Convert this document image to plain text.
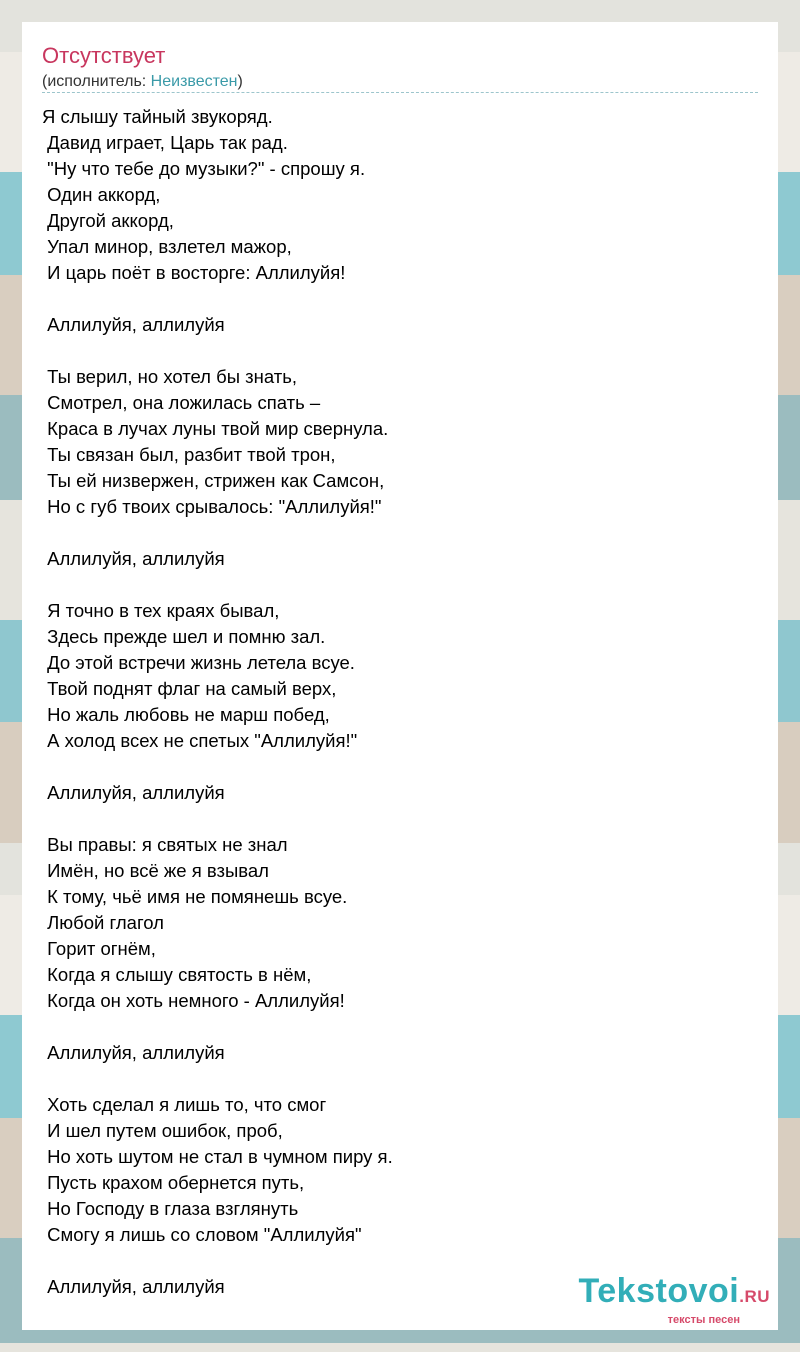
Отсутствует
(исполнитель: Неизвестен)
Я слышу тайный звукоряд.
Давид играет, Царь так рад.
"Ну что тебе до музыки?" - спрошу я.
Один аккорд,
Другой аккорд,
Упал минор, взлетел мажор,
И царь поёт в восторге: Аллилуйя!
Аллилуйя, аллилуйя
Ты верил, но хотел бы знать,
Смотрел, она ложилась спать –
Краса в лучах луны твой мир свернула.
Ты связан был, разбит твой трон,
Ты ей низвержен, стрижен как Самсон,
Но с губ твоих срывалось: "Аллилуйя!"
Аллилуйя, аллилуйя
Я точно в тех краях бывал,
Здесь прежде шел и помню зал.
До этой встречи жизнь летела всуе.
Твой поднят флаг на самый верх,
Но жаль любовь не марш побед,
А холод всех не спетых "Аллилуйя!"
Аллилуйя, аллилуйя
Вы правы: я святых не знал
Имён, но всё же я взывал
К тому, чьё имя не помянешь всуе.
Любой глагол
Горит огнём,
Когда я слышу святость в нём,
Когда он хоть немного - Аллилуйя!
Аллилуйя, аллилуйя
Хоть сделал я лишь то, что смог
И шел путем ошибок, проб,
Но хоть шутом не стал в чумном пиру я.
Пусть крахом обернется путь,
Но Господу в глаза взглянуть
Смогу я лишь со словом "Аллилуйя"
Аллилуйя, аллилуйя	Tekstovoi.RU
тексты песен
